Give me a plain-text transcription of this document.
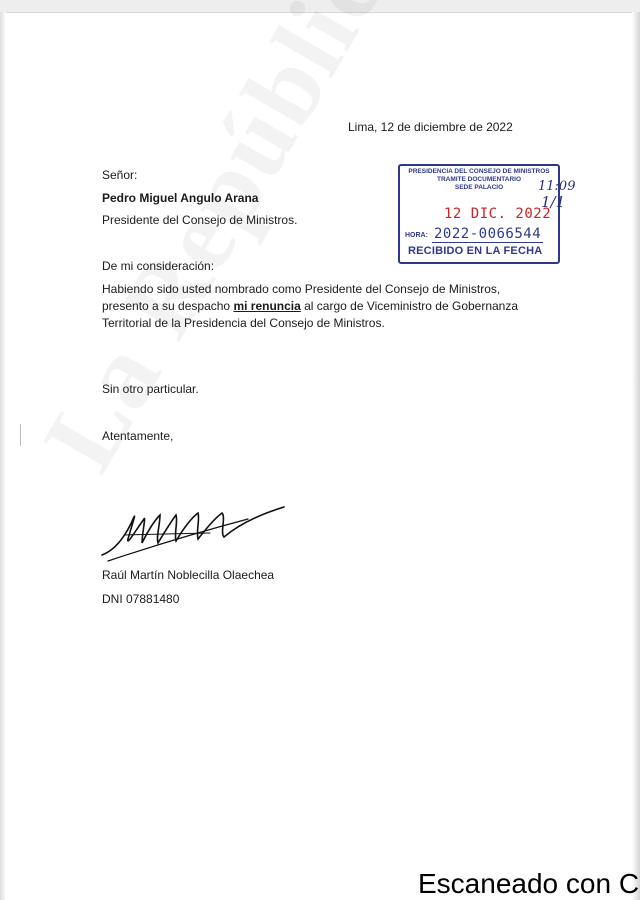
Lima, 12 de diciembre de 2022
Señor:
Pedro Miguel Angulo Arana
Presidente del Consejo de Ministros.
De mi consideración:
Habiendo sido usted nombrado como Presidente del Consejo de Ministros, presento a su despacho mi renuncia al cargo de Viceministro de Gobernanza Territorial de la Presidencia del Consejo de Ministros.
Sin otro particular.
Atentamente,
Raúl Martín Noblecilla Olaechea
DNI 07881480
PRESIDENCIA DEL CONSEJO DE MINISTROS
TRAMITE DOCUMENTARIO
SEDE PALACIO
12 DIC. 2022
HORA: 2022-0066544
RECIBIDO EN LA FECHA
11:09
1/1
Escaneado con C
